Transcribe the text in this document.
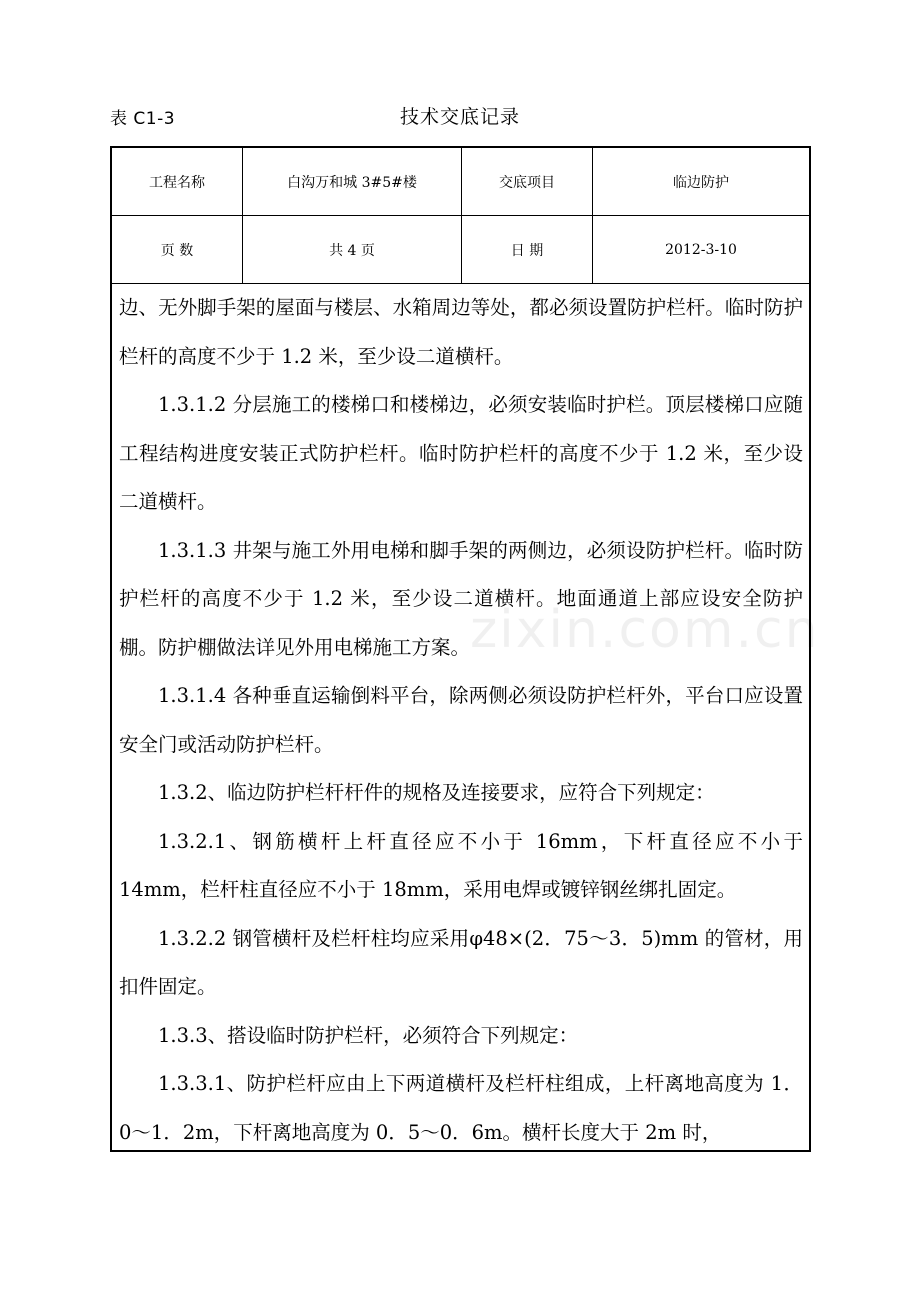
表 C1-3	技术交底记录
工程名称	白沟万和城 3#5#楼	交底项目	临边防护
页 数	共 4 页	日 期	2012-3-10

边、无外脚手架的屋面与楼层、水箱周边等处，都必须设置防护栏杆。临时防护栏杆的高度不少于 1.2 米，至少设二道横杆。

1.3.1.2 分层施工的楼梯口和楼梯边，必须安装临时护栏。顶层楼梯口应随工程结构进度安装正式防护栏杆。临时防护栏杆的高度不少于 1.2 米，至少设二道横杆。

1.3.1.3 井架与施工外用电梯和脚手架的两侧边，必须设防护栏杆。临时防护栏杆的高度不少于 1.2 米，至少设二道横杆。地面通道上部应设安全防护棚。防护棚做法详见外用电梯施工方案。

1.3.1.4 各种垂直运输倒料平台，除两侧必须设防护栏杆外，平台口应设置安全门或活动防护栏杆。

1.3.2、临边防护栏杆杆件的规格及连接要求，应符合下列规定：

1.3.2.1、钢筋横杆上杆直径应不小于 16mm，下杆直径应不小于 14mm，栏杆柱直径应不小于 18mm，采用电焊或镀锌钢丝绑扎固定。

1.3.2.2 钢管横杆及栏杆柱均应采用φ48×(2．75～3．5)mm 的管材，用扣件固定。

1.3.3、搭设临时防护栏杆，必须符合下列规定：

1.3.3.1、防护栏杆应由上下两道横杆及栏杆柱组成，上杆离地高度为 1．0～1．2m，下杆离地高度为 0．5～0．6m。横杆长度大于 2m 时，

zixin.com.cn
